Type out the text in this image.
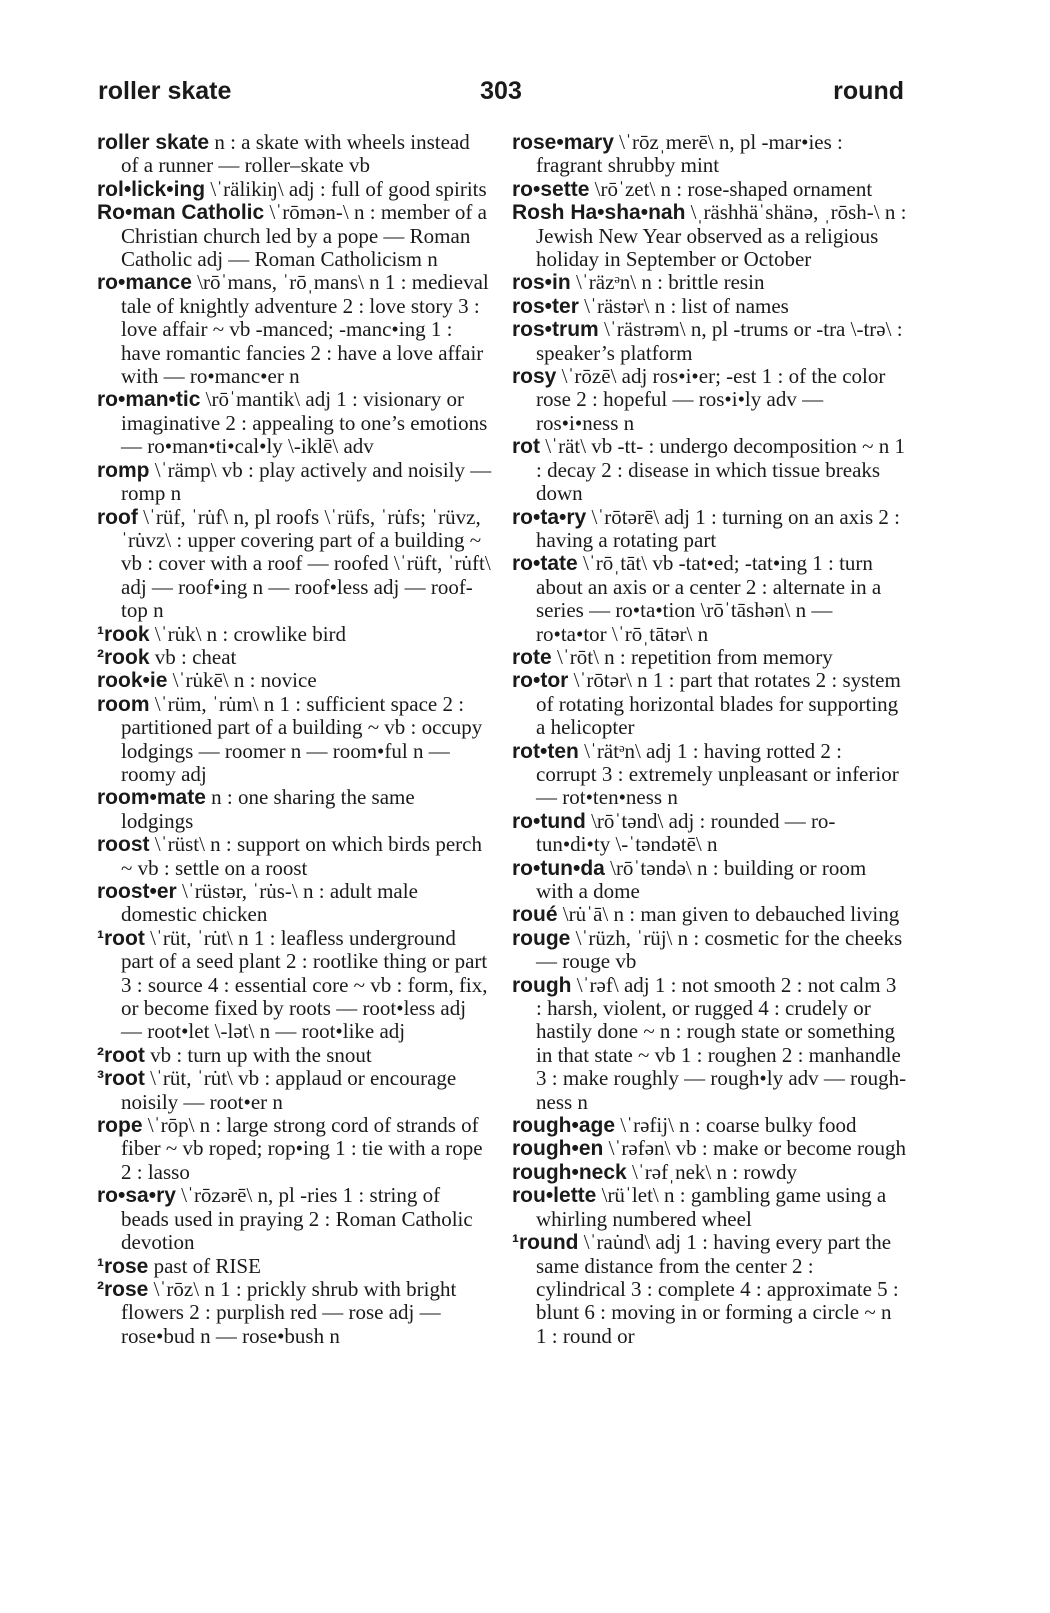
roller skate	303	round

roller skate n : a skate with wheels instead of a runner — roller–skate vb

rol•lick•ing \ˈrälikiŋ\ adj : full of good spirits

Ro•man Catholic \ˈrōmən-\ n : member of a Christian church led by a pope — Roman Catholic adj — Roman Catholicism n

ro•mance \rōˈmans, ˈrōˌmans\ n 1 : medieval tale of knightly adventure 2 : love story 3 : love affair ~ vb -manced; -manc•ing 1 : have romantic fancies 2 : have a love affair with — ro•manc•er n

ro•man•tic \rōˈmantik\ adj 1 : visionary or imaginative 2 : appealing to one’s emotions — ro•man•ti•cal•ly \-iklē\ adv

romp \ˈrämp\ vb : play actively and noisily — romp n

roof \ˈrüf, ˈru̇f\ n, pl roofs \ˈrüfs, ˈru̇fs; ˈrüvz, ˈru̇vz\ : upper covering part of a building ~ vb : cover with a roof — roofed \ˈrüft, ˈru̇ft\ adj — roof•ing n — roof•less adj — roof-top n

¹rook \ˈru̇k\ n : crowlike bird

²rook vb : cheat

rook•ie \ˈru̇kē\ n : novice

room \ˈrüm, ˈru̇m\ n 1 : sufficient space 2 : partitioned part of a building ~ vb : occupy lodgings — roomer n — room•ful n — roomy adj

room•mate n : one sharing the same lodgings

roost \ˈrüst\ n : support on which birds perch ~ vb : settle on a roost

roost•er \ˈrüstər, ˈru̇s-\ n : adult male domestic chicken

¹root \ˈrüt, ˈru̇t\ n 1 : leafless underground part of a seed plant 2 : rootlike thing or part 3 : source 4 : essential core ~ vb : form, fix, or become fixed by roots — root•less adj — root•let \-lət\ n — root•like adj

²root vb : turn up with the snout

³root \ˈrüt, ˈru̇t\ vb : applaud or encourage noisily — root•er n

rope \ˈrōp\ n : large strong cord of strands of fiber ~ vb roped; rop•ing 1 : tie with a rope 2 : lasso

ro•sa•ry \ˈrōzərē\ n, pl -ries 1 : string of beads used in praying 2 : Roman Catholic devotion

¹rose past of RISE

²rose \ˈrōz\ n 1 : prickly shrub with bright flowers 2 : purplish red — rose adj — rose•bud n — rose•bush n

rose•mary \ˈrōzˌmerē\ n, pl -mar•ies : fragrant shrubby mint

ro•sette \rōˈzet\ n : rose-shaped ornament

Rosh Ha•sha•nah \ˌräshhäˈshänə, ˌrōsh-\ n : Jewish New Year observed as a religious holiday in September or October

ros•in \ˈräzᵊn\ n : brittle resin

ros•ter \ˈrästər\ n : list of names

ros•trum \ˈrästrəm\ n, pl -trums or -tra \-trə\ : speaker’s platform

rosy \ˈrōzē\ adj ros•i•er; -est 1 : of the color rose 2 : hopeful — ros•i•ly adv — ros•i•ness n

rot \ˈrät\ vb -tt- : undergo decomposition ~ n 1 : decay 2 : disease in which tissue breaks down

ro•ta•ry \ˈrōtərē\ adj 1 : turning on an axis 2 : having a rotating part

ro•tate \ˈrōˌtāt\ vb -tat•ed; -tat•ing 1 : turn about an axis or a center 2 : alternate in a series — ro•ta•tion \rōˈtāshən\ n — ro•ta•tor \ˈrōˌtātər\ n

rote \ˈrōt\ n : repetition from memory

ro•tor \ˈrōtər\ n 1 : part that rotates 2 : system of rotating horizontal blades for supporting a helicopter

rot•ten \ˈrätᵊn\ adj 1 : having rotted 2 : corrupt 3 : extremely unpleasant or inferior — rot•ten•ness n

ro•tund \rōˈtənd\ adj : rounded — ro-tun•di•ty \-ˈtəndətē\ n

ro•tun•da \rōˈtəndə\ n : building or room with a dome

roué \ru̇ˈā\ n : man given to debauched living

rouge \ˈrüzh, ˈrüj\ n : cosmetic for the cheeks — rouge vb

rough \ˈrəf\ adj 1 : not smooth 2 : not calm 3 : harsh, violent, or rugged 4 : crudely or hastily done ~ n : rough state or something in that state ~ vb 1 : roughen 2 : manhandle 3 : make roughly — rough•ly adv — rough-ness n

rough•age \ˈrəfij\ n : coarse bulky food

rough•en \ˈrəfən\ vb : make or become rough

rough•neck \ˈrəfˌnek\ n : rowdy

rou•lette \rüˈlet\ n : gambling game using a whirling numbered wheel

¹round \ˈrau̇nd\ adj 1 : having every part the same distance from the center 2 : cylindrical 3 : complete 4 : approximate 5 : blunt 6 : moving in or forming a circle ~ n 1 : round or
